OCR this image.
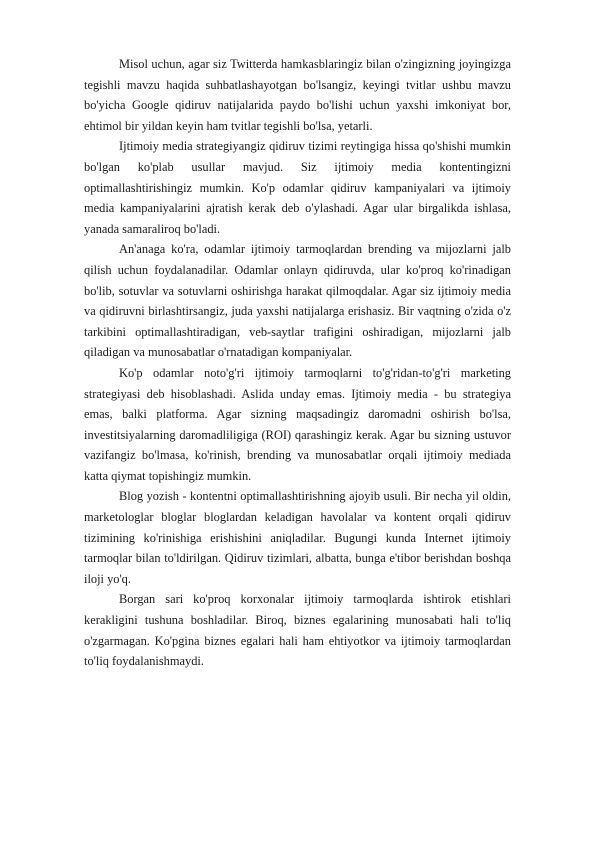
​

Misol uchun, agar siz Twitterda hamkasblaringiz bilan o'zingizning joyingizga tegishli mavzu haqida suhbatlashayotgan bo'lsangiz, keyingi tvitlar ushbu mavzu bo'yicha Google qidiruv natijalarida paydo bo'lishi uchun yaxshi imkoniyat bor, ehtimol bir yildan keyin ham tvitlar tegishli bo'lsa, yetarli.

Ijtimoiy media strategiyangiz qidiruv tizimi reytingiga hissa qo'shishi mumkin bo'lgan ko'plab usullar mavjud. Siz ijtimoiy media kontentingizni optimallashtirishingiz mumkin. Ko'p odamlar qidiruv kampaniyalari va ijtimoiy media kampaniyalarini ajratish kerak deb o'ylashadi. Agar ular birgalikda ishlasa, yanada samaraliroq bo'ladi.

An'anaga ko'ra, odamlar ijtimoiy tarmoqlardan brending va mijozlarni jalb qilish uchun foydalanadilar. Odamlar onlayn qidiruvda, ular ko'proq ko'rinadigan bo'lib, sotuvlar va sotuvlarni oshirishga harakat qilmoqdalar. Agar siz ijtimoiy media va qidiruvni birlashtirsangiz, juda yaxshi natijalarga erishasiz. Bir vaqtning o'zida o'z tarkibini optimallashtiradigan, veb-saytlar trafigini oshiradigan, mijozlarni jalb qiladigan va munosabatlar o'rnatadigan kompaniyalar.

Ko'p odamlar noto'g'ri ijtimoiy tarmoqlarni to'g'ridan-to'g'ri marketing strategiyasi deb hisoblashadi. Aslida unday emas. Ijtimoiy media - bu strategiya emas, balki platforma. Agar sizning maqsadingiz daromadni oshirish bo'lsa, investitsiyalarning daromadliligiga (ROI) qarashingiz kerak. Agar bu sizning ustuvor vazifangiz bo'lmasa, ko'rinish, brending va munosabatlar orqali ijtimoiy mediada katta qiymat topishingiz mumkin.

Blog yozish - kontentni optimallashtirishning ajoyib usuli. Bir necha yil oldin, marketologlar bloglar bloglardan keladigan havolalar va kontent orqali qidiruv tizimining ko'rinishiga erishishini aniqladilar. Bugungi kunda Internet ijtimoiy tarmoqlar bilan to'ldirilgan. Qidiruv tizimlari, albatta, bunga e'tibor berishdan boshqa iloji yo'q.

Borgan sari ko'proq korxonalar ijtimoiy tarmoqlarda ishtirok etishlari kerakligini tushuna boshladilar. Biroq, biznes egalarining munosabati hali to'liq o'zgarmagan. Ko'pgina biznes egalari hali ham ehtiyotkor va ijtimoiy tarmoqlardan to'liq foydalanishmaydi.
